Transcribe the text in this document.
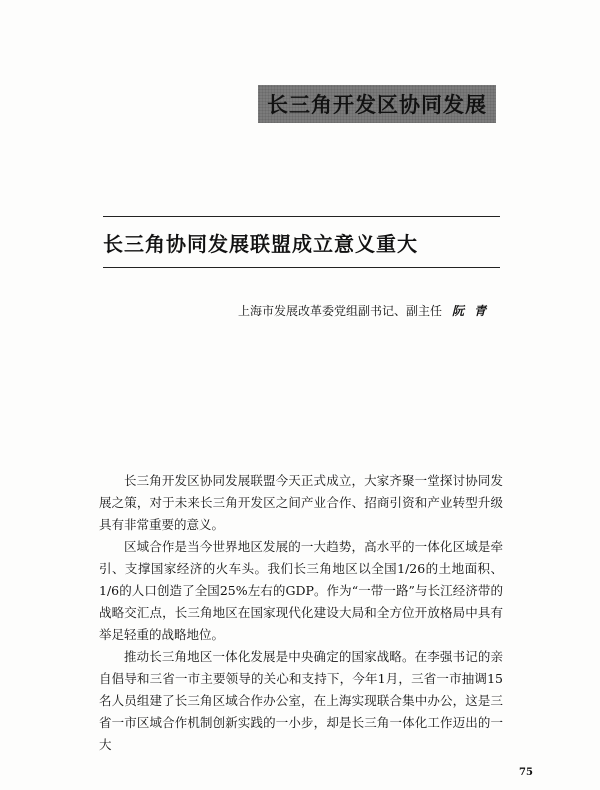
长三角开发区协同发展
长三角协同发展联盟成立意义重大
上海市发展改革委党组副书记、副主任 阮青

长三角开发区协同发展联盟今天正式成立，大家齐聚一堂探讨协同发展之策，对于未来长三角开发区之间产业合作、招商引资和产业转型升级具有非常重要的意义。

区域合作是当今世界地区发展的一大趋势，高水平的一体化区域是牵引、支撑国家经济的火车头。我们长三角地区以全国1/26的土地面积、1/6的人口创造了全国25%左右的GDP。作为“一带一路”与长江经济带的战略交汇点，长三角地区在国家现代化建设大局和全方位开放格局中具有举足轻重的战略地位。

推动长三角地区一体化发展是中央确定的国家战略。在李强书记的亲自倡导和三省一市主要领导的关心和支持下，今年1月，三省一市抽调15名人员组建了长三角区域合作办公室，在上海实现联合集中办公，这是三省一市区域合作机制创新实践的一小步，却是长三角一体化工作迈出的一大

75
